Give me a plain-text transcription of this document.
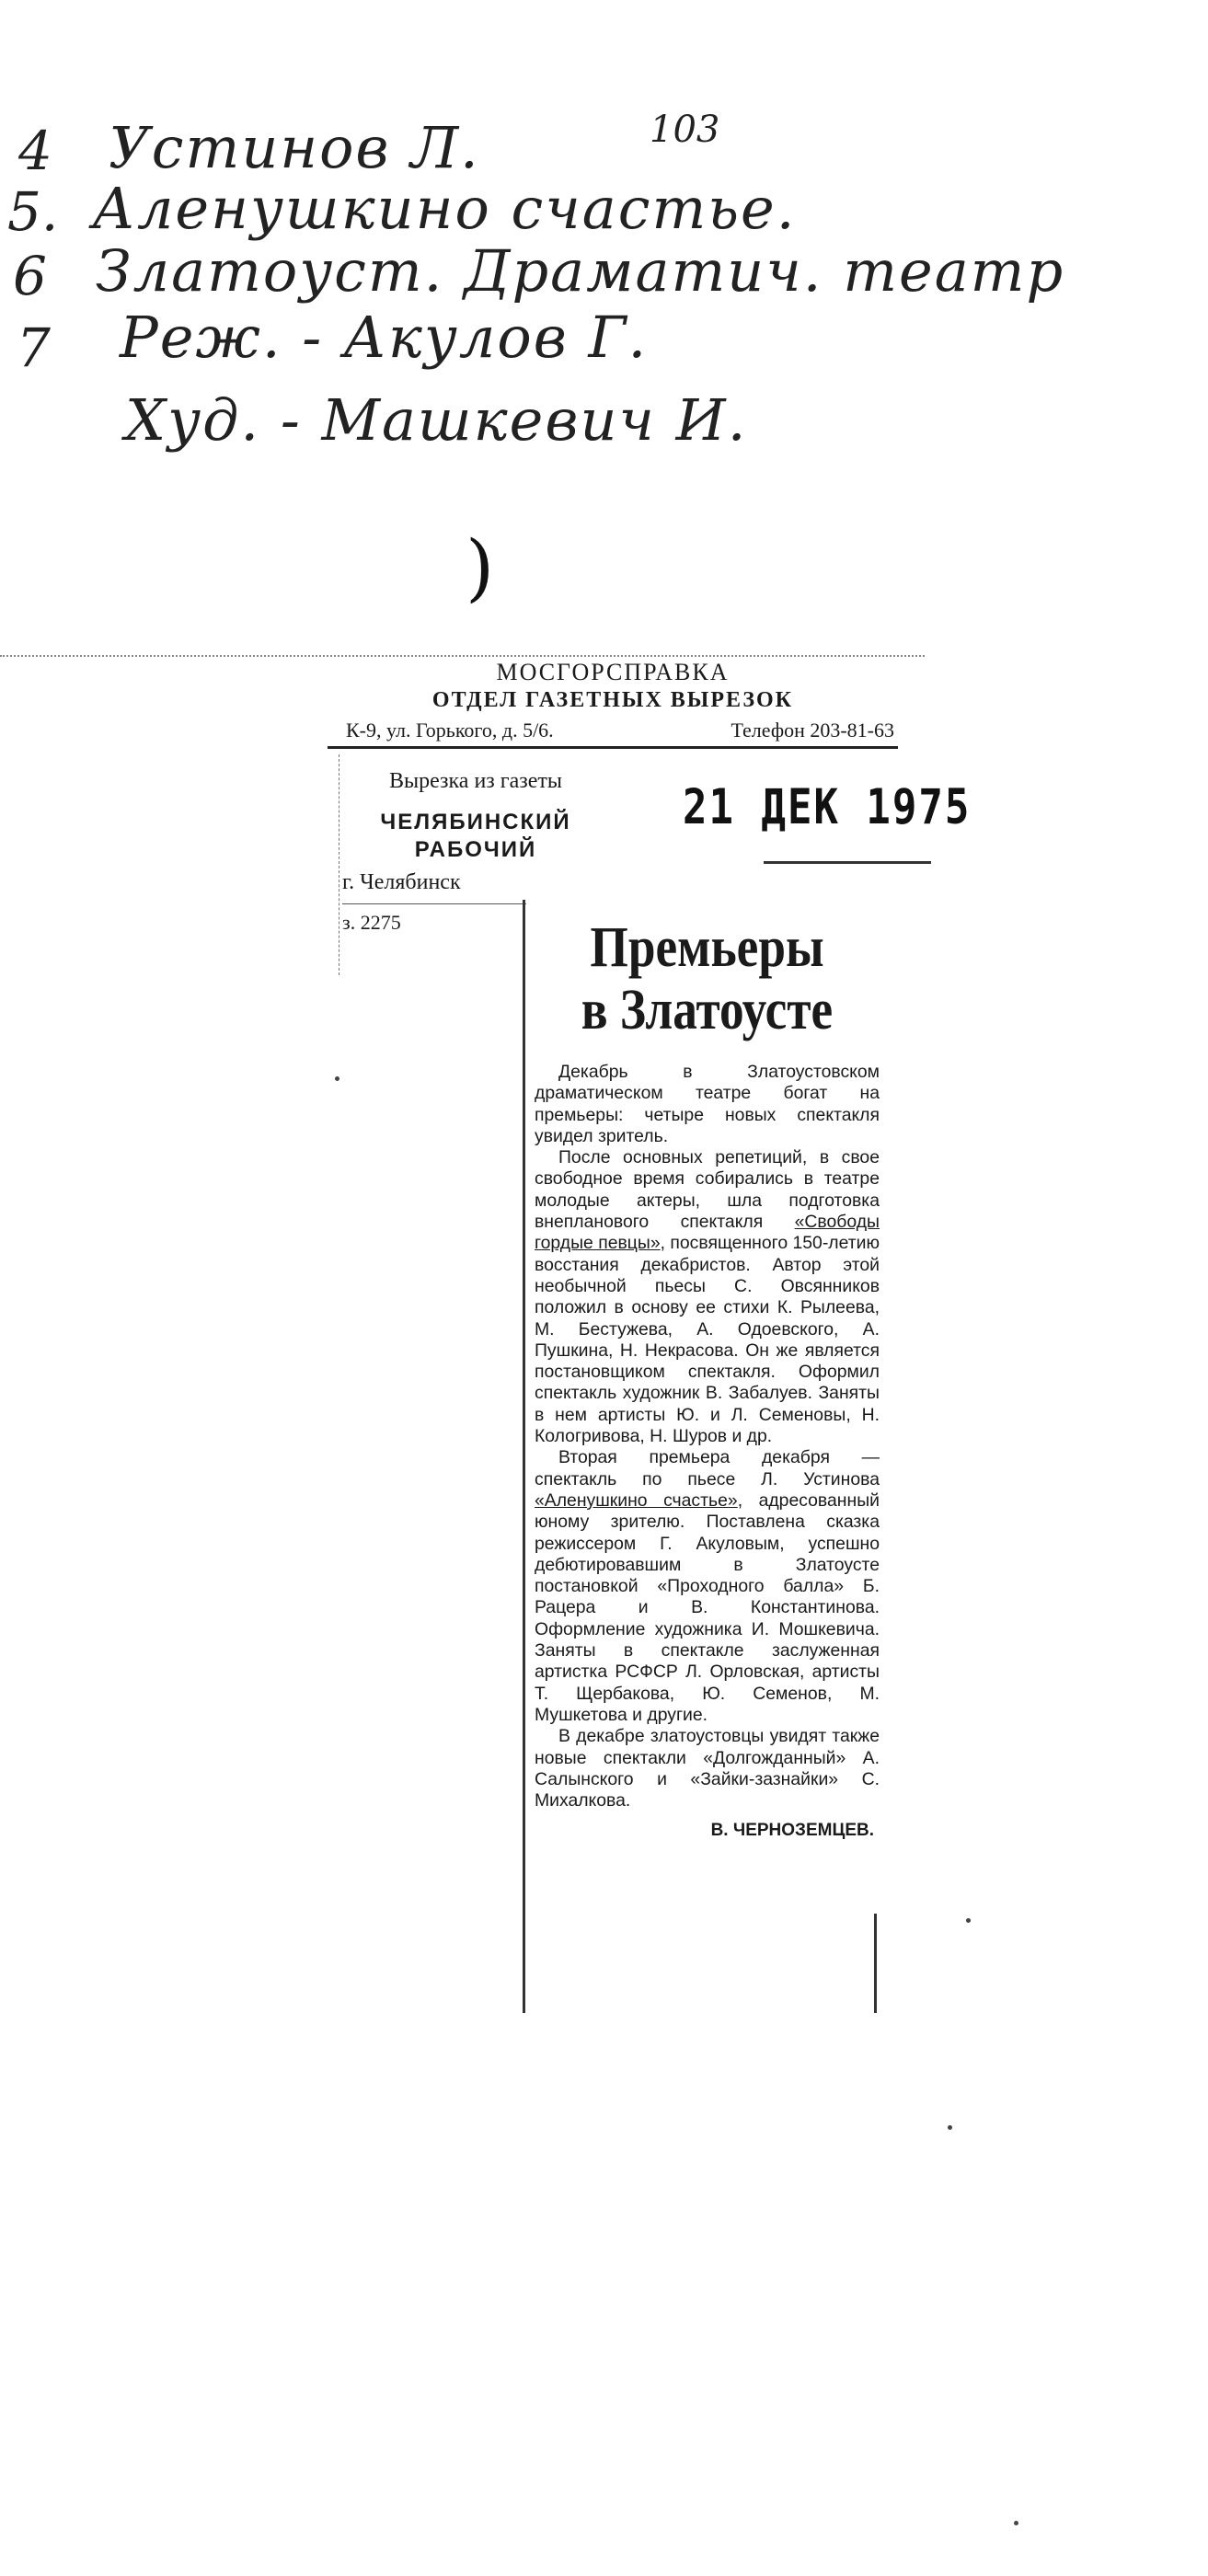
103
4 Устинов Л.
5. Аленушкино счастье.
6 Златоуст. Драматич. театр
7 Реж. - Акулов Г.
Худ. - Машкевич И.
)
МОСГОРСПРАВКА
ОТДЕЛ ГАЗЕТНЫХ ВЫРЕЗОК
К-9, ул. Горького, д. 5/6.	Телефон 203-81-63
Вырезка из газеты
ЧЕЛЯБИНСКИЙ
РАБОЧИЙ
г. Челябинск
з. 2275
21 ДЕК 1975
Премьеры
в Златоусте

Декабрь в Златоустовском драматическом театре богат на премьеры: четыре новых спектакля увидел зритель.

После основных репетиций, в свое свободное время собирались в театре молодые актеры, шла подготовка внепланового спектакля «Свободы гордые певцы», посвященного 150-летию восстания декабристов. Автор этой необычной пьесы С. Овсянников положил в основу ее стихи К. Рылеева, М. Бестужева, А. Одоевского, А. Пушкина, Н. Некрасова. Он же является постановщиком спектакля. Оформил спектакль художник В. Забалуев. Заняты в нем артисты Ю. и Л. Семеновы, Н. Кологривова, Н. Шуров и др.

Вторая премьера декабря — спектакль по пьесе Л. Устинова «Аленушкино счастье», адресованный юному зрителю. Поставлена сказка режиссером Г. Акуловым, успешно дебютировавшим в Златоусте постановкой «Проходного балла» Б. Рацера и В. Константинова. Оформление художника И. Мошкевича. Заняты в спектакле заслуженная артистка РСФСР Л. Орловская, артисты Т. Щербакова, Ю. Семенов, М. Мушкетова и другие.

В декабре златоустовцы увидят также новые спектакли «Долгожданный» А. Салынского и «Зайки-зазнайки» С. Михалкова.

В. ЧЕРНОЗЕМЦЕВ.
